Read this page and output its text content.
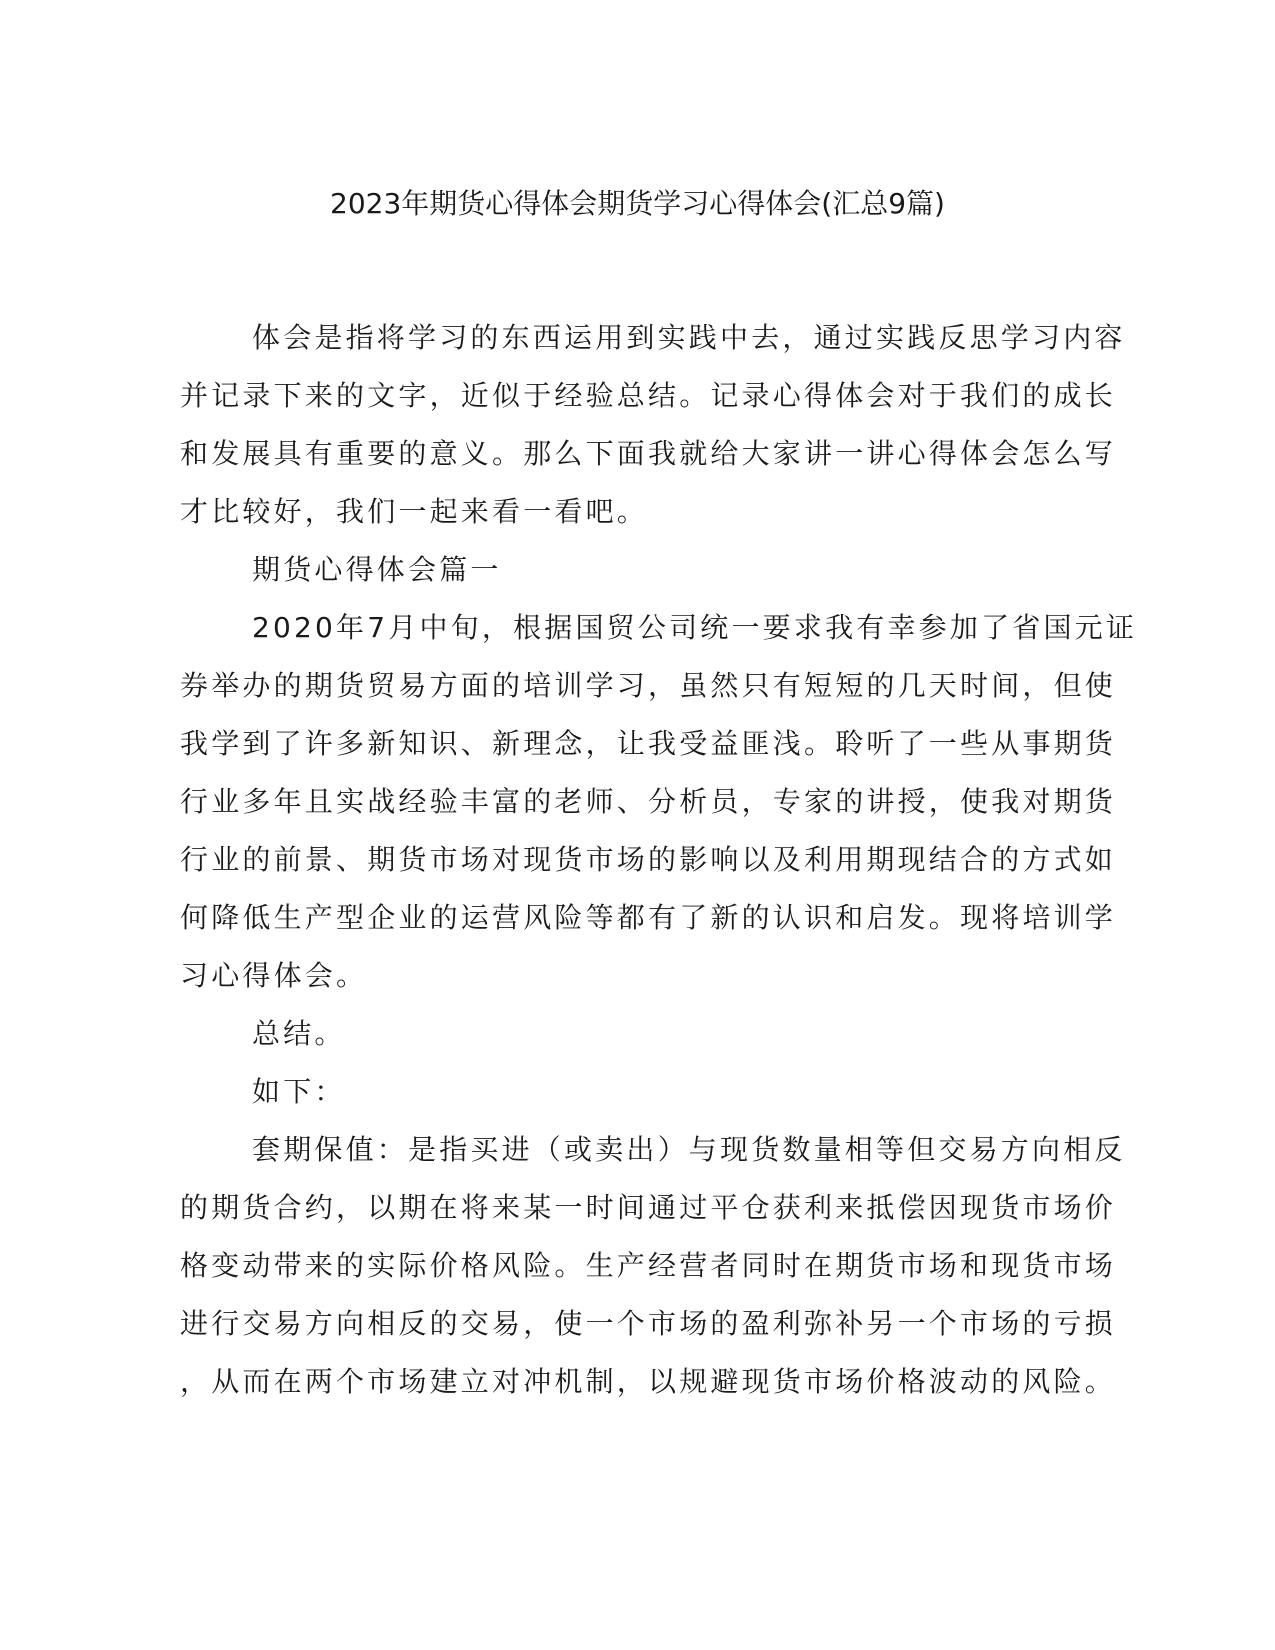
2023年期货心得体会期货学习心得体会(汇总9篇)
体会是指将学习的东西运用到实践中去，通过实践反思学习内容
并记录下来的文字，近似于经验总结。记录心得体会对于我们的成长
和发展具有重要的意义。那么下面我就给大家讲一讲心得体会怎么写
才比较好，我们一起来看一看吧。
期货心得体会篇一
2020年7月中旬，根据国贸公司统一要求我有幸参加了省国元证
券举办的期货贸易方面的培训学习，虽然只有短短的几天时间，但使
我学到了许多新知识、新理念，让我受益匪浅。聆听了一些从事期货
行业多年且实战经验丰富的老师、分析员，专家的讲授，使我对期货
行业的前景、期货市场对现货市场的影响以及利用期现结合的方式如
何降低生产型企业的运营风险等都有了新的认识和启发。现将培训学
习心得体会。
总结。
如下：
套期保值：是指买进（或卖出）与现货数量相等但交易方向相反
的期货合约，以期在将来某一时间通过平仓获利来抵偿因现货市场价
格变动带来的实际价格风险。生产经营者同时在期货市场和现货市场
进行交易方向相反的交易，使一个市场的盈利弥补另一个市场的亏损
，从而在两个市场建立对冲机制，以规避现货市场价格波动的风险。
